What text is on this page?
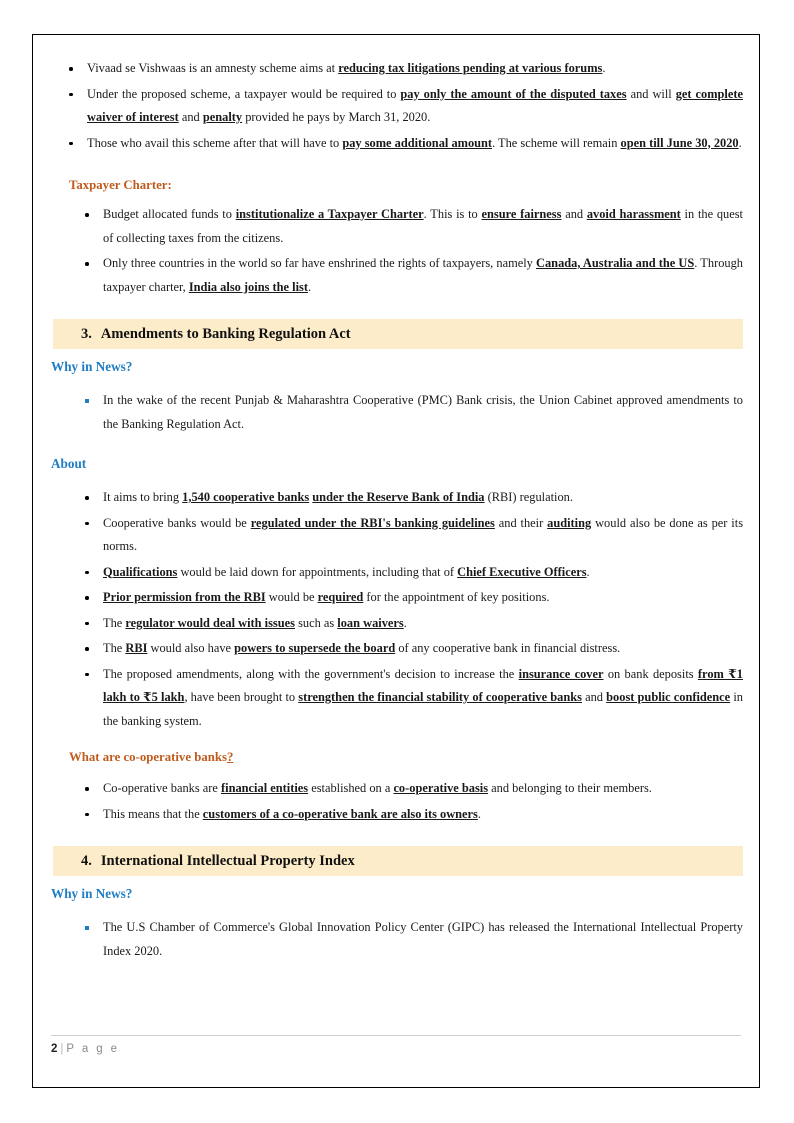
Vivaad se Vishwaas is an amnesty scheme aims at reducing tax litigations pending at various forums.
Under the proposed scheme, a taxpayer would be required to pay only the amount of the disputed taxes and will get complete waiver of interest and penalty provided he pays by March 31, 2020.
Those who avail this scheme after that will have to pay some additional amount. The scheme will remain open till June 30, 2020.
Taxpayer Charter:
Budget allocated funds to institutionalize a Taxpayer Charter. This is to ensure fairness and avoid harassment in the quest of collecting taxes from the citizens.
Only three countries in the world so far have enshrined the rights of taxpayers, namely Canada, Australia and the US. Through taxpayer charter, India also joins the list.
3. Amendments to Banking Regulation Act
Why in News?
In the wake of the recent Punjab & Maharashtra Cooperative (PMC) Bank crisis, the Union Cabinet approved amendments to the Banking Regulation Act.
About
It aims to bring 1,540 cooperative banks under the Reserve Bank of India (RBI) regulation.
Cooperative banks would be regulated under the RBI's banking guidelines and their auditing would also be done as per its norms.
Qualifications would be laid down for appointments, including that of Chief Executive Officers.
Prior permission from the RBI would be required for the appointment of key positions.
The regulator would deal with issues such as loan waivers.
The RBI would also have powers to supersede the board of any cooperative bank in financial distress.
The proposed amendments, along with the government's decision to increase the insurance cover on bank deposits from ₹1 lakh to ₹5 lakh, have been brought to strengthen the financial stability of cooperative banks and boost public confidence in the banking system.
What are co-operative banks?
Co-operative banks are financial entities established on a co-operative basis and belonging to their members.
This means that the customers of a co-operative bank are also its owners.
4. International Intellectual Property Index
Why in News?
The U.S Chamber of Commerce's Global Innovation Policy Center (GIPC) has released the International Intellectual Property Index 2020.
2 | P a g e
